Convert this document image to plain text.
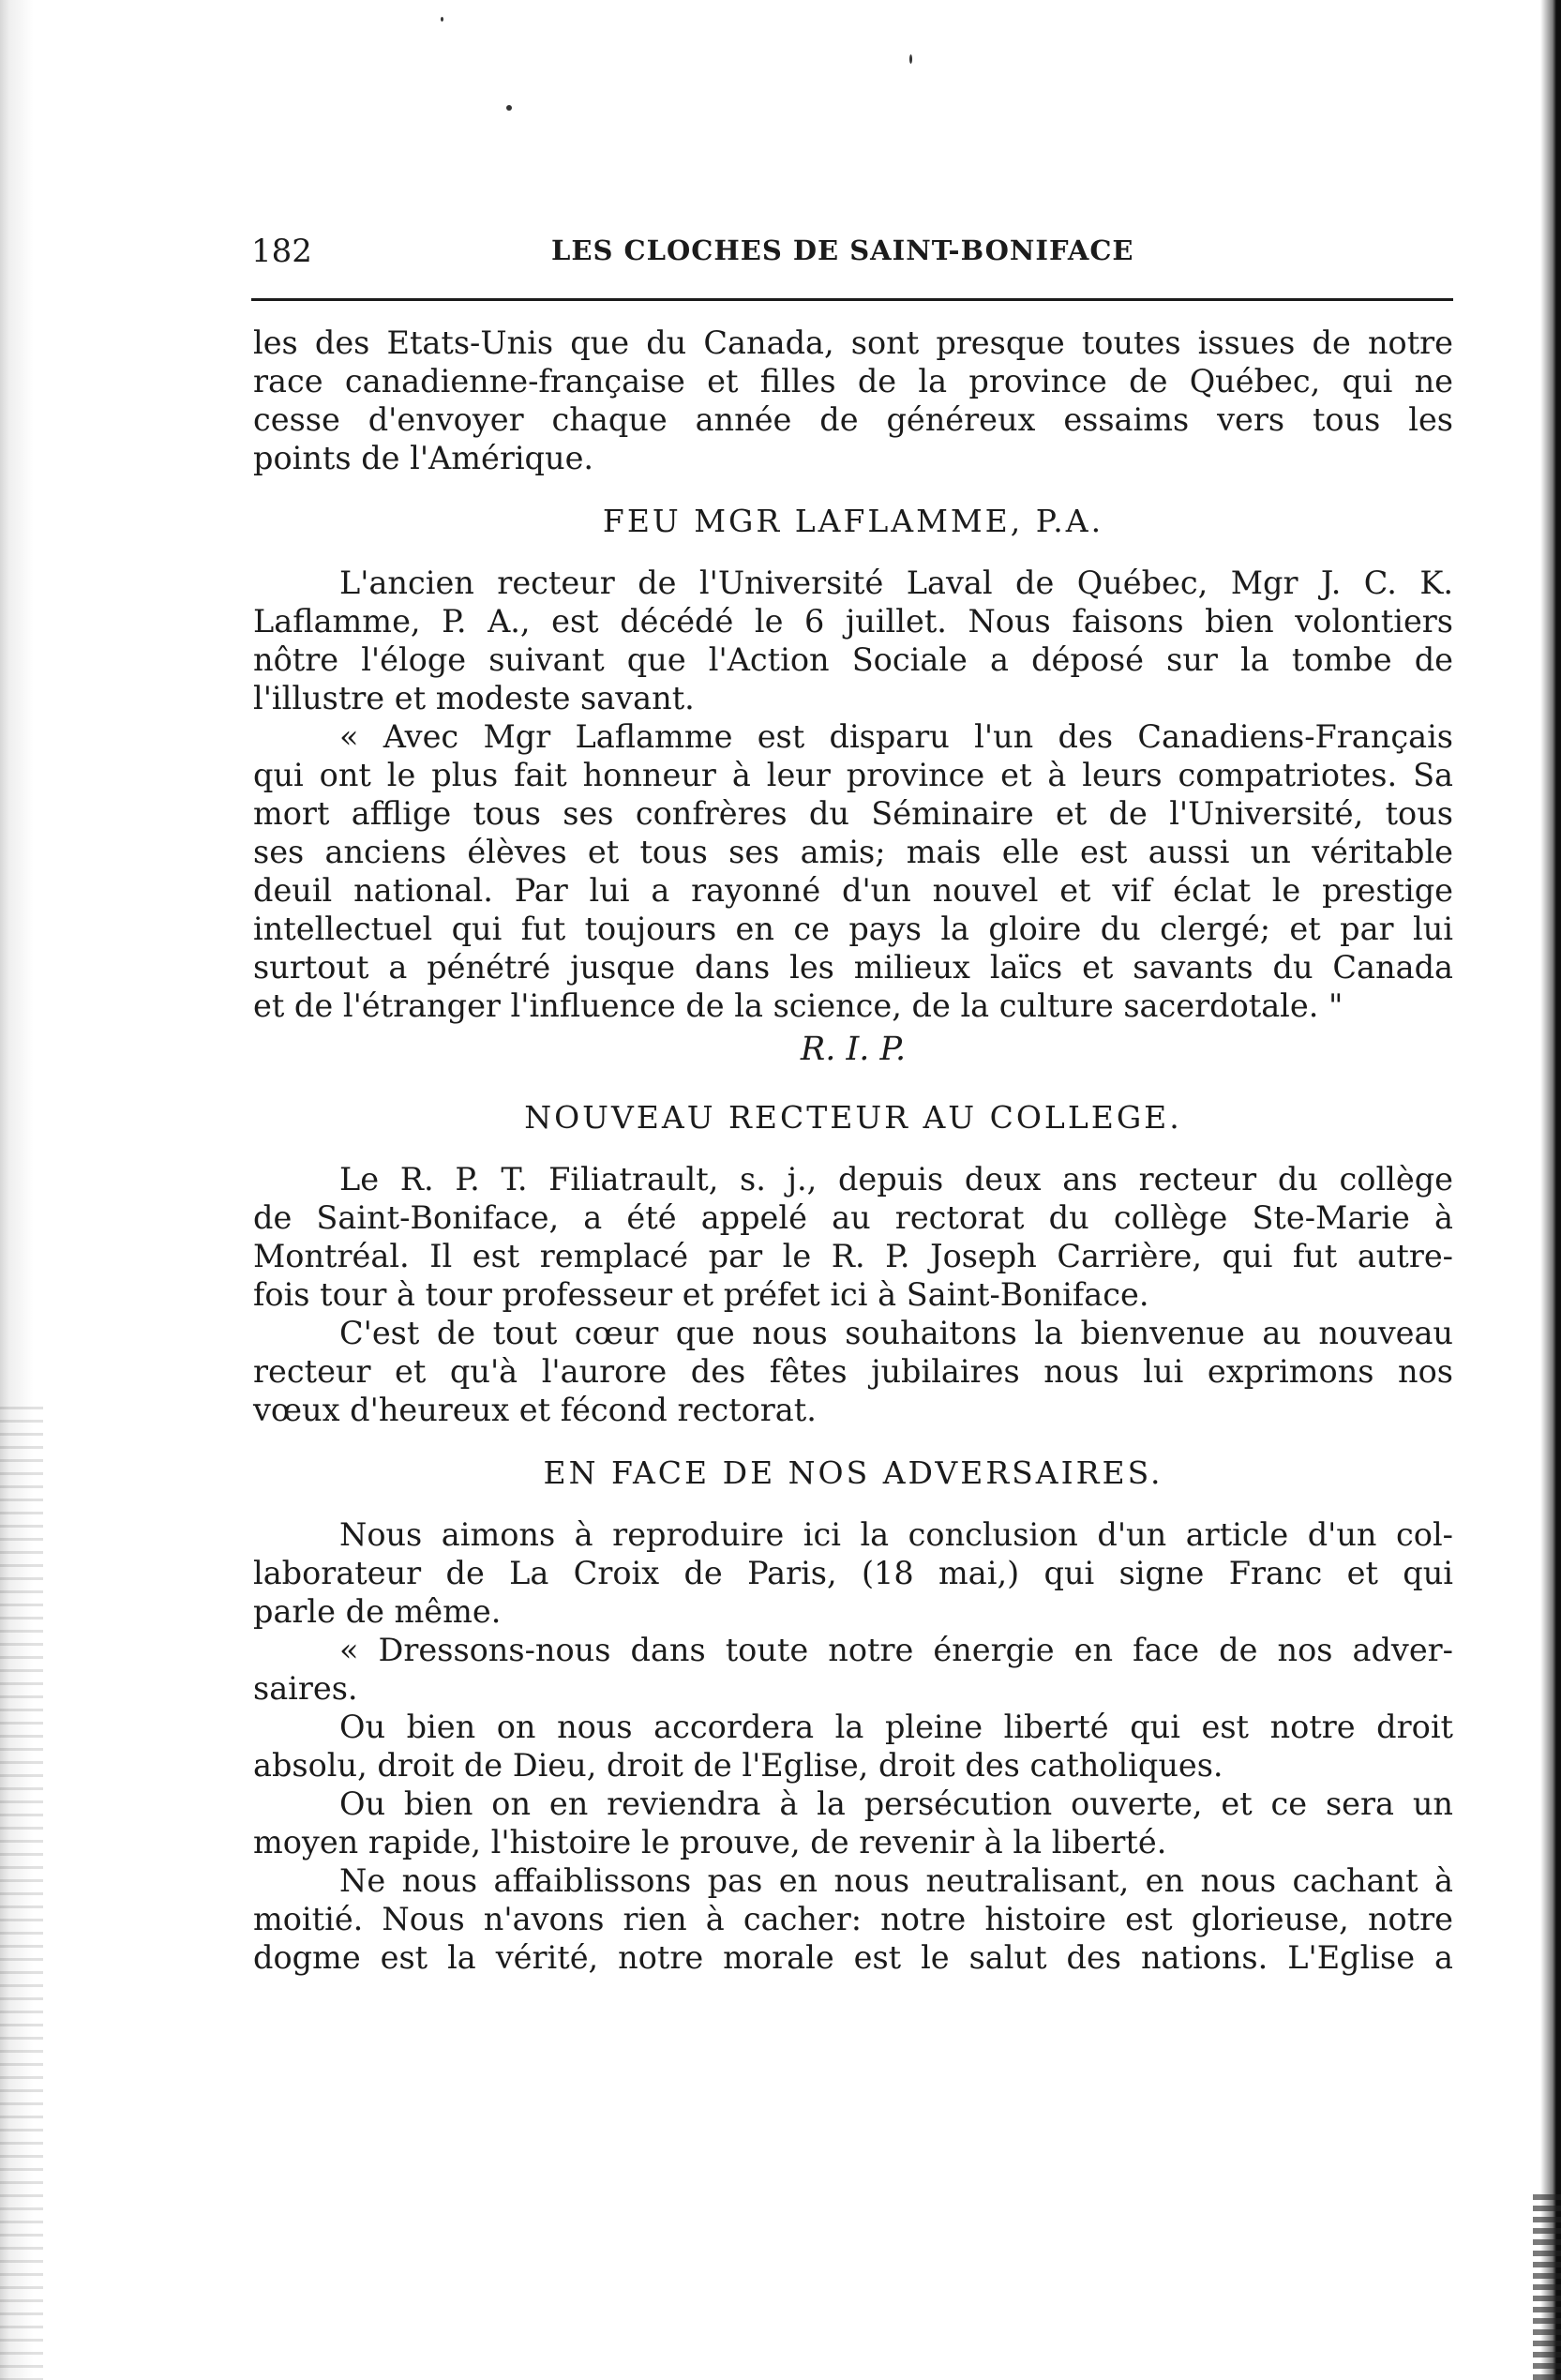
182	LES CLOCHES DE SAINT-BONIFACE
les des Etats-Unis que du Canada, sont presque toutes issues de notre
race canadienne-française et filles de la province de Québec, qui ne
cesse d'envoyer chaque année de généreux essaims vers tous les
points de l'Amérique.
FEU MGR LAFLAMME, P.A.
L'ancien recteur de l'Université Laval de Québec, Mgr J. C. K.
Laflamme, P. A., est décédé le 6 juillet. Nous faisons bien volontiers
nôtre l'éloge suivant que l'Action Sociale a déposé sur la tombe de
l'illustre et modeste savant.
« Avec Mgr Laflamme est disparu l'un des Canadiens-Français
qui ont le plus fait honneur à leur province et à leurs compatriotes. Sa
mort afflige tous ses confrères du Séminaire et de l'Université, tous
ses anciens élèves et tous ses amis; mais elle est aussi un véritable
deuil national. Par lui a rayonné d'un nouvel et vif éclat le prestige
intellectuel qui fut toujours en ce pays la gloire du clergé; et par lui
surtout a pénétré jusque dans les milieux laïcs et savants du Canada
et de l'étranger l'influence de la science, de la culture sacerdotale. "
R. I. P.
NOUVEAU RECTEUR AU COLLEGE.
Le R. P. T. Filiatrault, s. j., depuis deux ans recteur du collège
de Saint-Boniface, a été appelé au rectorat du collège Ste-Marie à
Montréal. Il est remplacé par le R. P. Joseph Carrière, qui fut autre-
fois tour à tour professeur et préfet ici à Saint-Boniface.
C'est de tout cœur que nous souhaitons la bienvenue au nouveau
recteur et qu'à l'aurore des fêtes jubilaires nous lui exprimons nos
vœux d'heureux et fécond rectorat.
EN FACE DE NOS ADVERSAIRES.
Nous aimons à reproduire ici la conclusion d'un article d'un col-
laborateur de La Croix de Paris, (18 mai,) qui signe Franc et qui
parle de même.
« Dressons-nous dans toute notre énergie en face de nos adver-
saires.
Ou bien on nous accordera la pleine liberté qui est notre droit
absolu, droit de Dieu, droit de l'Eglise, droit des catholiques.
Ou bien on en reviendra à la persécution ouverte, et ce sera un
moyen rapide, l'histoire le prouve, de revenir à la liberté.
Ne nous affaiblissons pas en nous neutralisant, en nous cachant à
moitié. Nous n'avons rien à cacher: notre histoire est glorieuse, notre
dogme est la vérité, notre morale est le salut des nations. L'Eglise a
